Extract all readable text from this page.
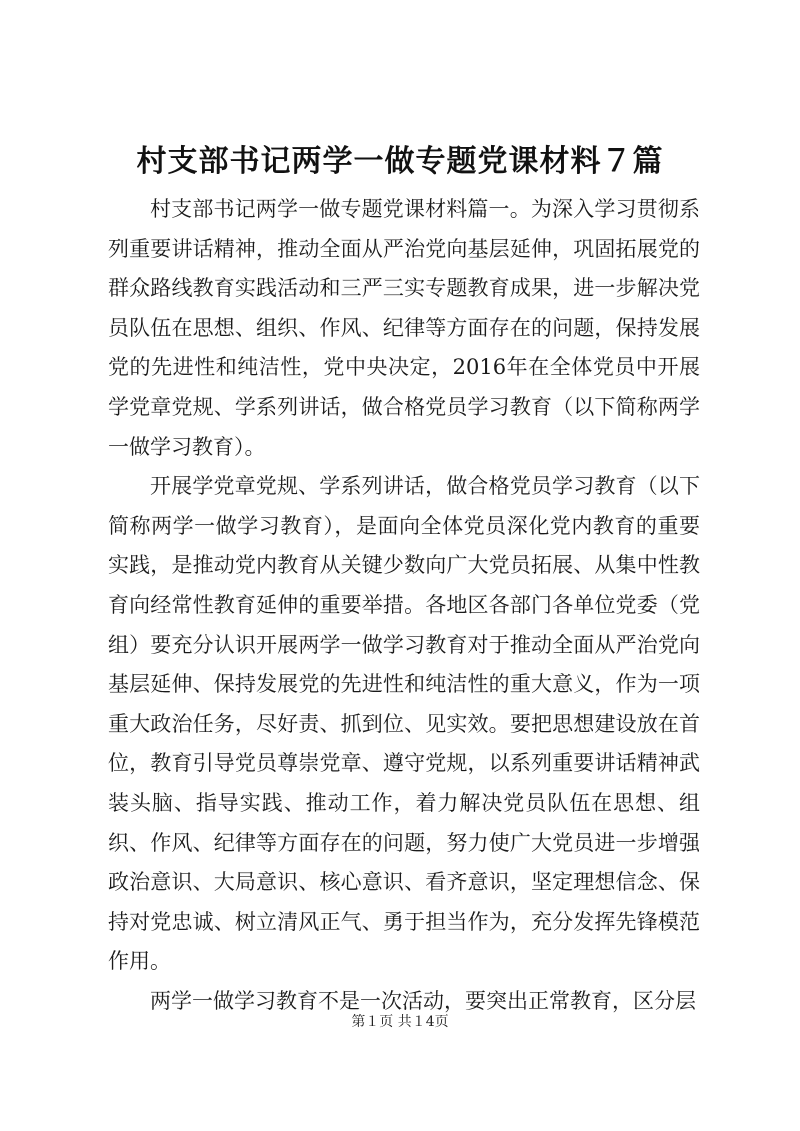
村支部书记两学一做专题党课材料７篇

村支部书记两学一做专题党课材料篇一。为深入学习贯彻系列重要讲话精神，推动全面从严治党向基层延伸，巩固拓展党的群众路线教育实践活动和三严三实专题教育成果，进一步解决党员队伍在思想、组织、作风、纪律等方面存在的问题，保持发展党的先进性和纯洁性，党中央决定，2016年在全体党员中开展学党章党规、学系列讲话，做合格党员学习教育（以下简称两学一做学习教育）。

开展学党章党规、学系列讲话，做合格党员学习教育（以下简称两学一做学习教育），是面向全体党员深化党内教育的重要实践，是推动党内教育从关键少数向广大党员拓展、从集中性教育向经常性教育延伸的重要举措。各地区各部门各单位党委（党组）要充分认识开展两学一做学习教育对于推动全面从严治党向基层延伸、保持发展党的先进性和纯洁性的重大意义，作为一项重大政治任务，尽好责、抓到位、见实效。要把思想建设放在首位，教育引导党员尊崇党章、遵守党规，以系列重要讲话精神武装头脑、指导实践、推动工作，着力解决党员队伍在思想、组织、作风、纪律等方面存在的问题，努力使广大党员进一步增强政治意识、大局意识、核心意识、看齐意识，坚定理想信念、保持对党忠诚、树立清风正气、勇于担当作为，充分发挥先锋模范作用。

两学一做学习教育不是一次活动，要突出正常教育，区分层

第１页 共１4页
